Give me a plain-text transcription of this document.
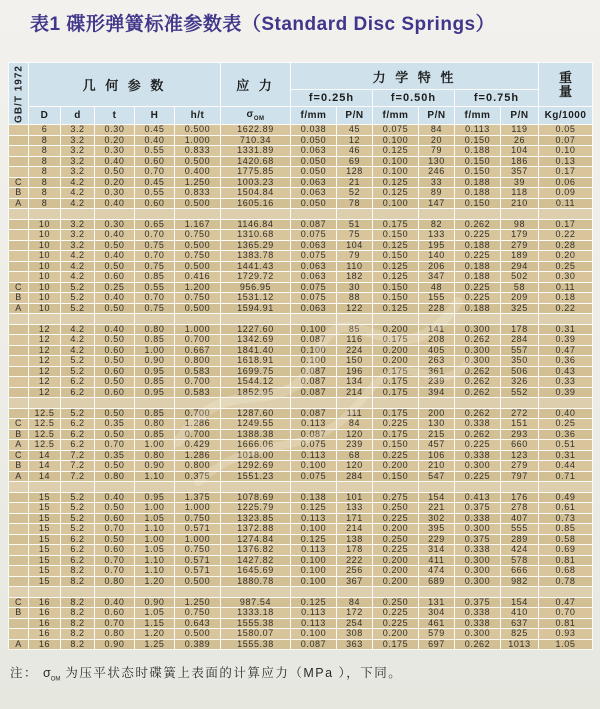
表1 碟形弹簧标准参数表（Standard Disc Springs）
GB/T 1972	几 何 参 数					应 力	力 学 特 性						重
量

							f=0.25h		f=0.50h		f=0.75h		
	D	d	t	H	h/t	$\sigma_{OM}$	f/mm	P/N	f/mm	P/N	f/mm	P/N	Kg/1000
	6	3.2	0.30	0.45	0.500	1622.89	0.038	45	0.075	84	0.113	119	0.05
	8	3.2	0.20	0.40	1.000	710.34	0.050	12	0.100	20	0.150	26	0.07
	8	3.2	0.30	0.55	0.833	1331.89	0.063	46	0.125	79	0.188	104	0.10
	8	3.2	0.40	0.60	0.500	1420.68	0.050	69	0.100	130	0.150	186	0.13
	8	3.2	0.50	0.70	0.400	1775.85	0.050	128	0.100	246	0.150	357	0.17
C	8	4.2	0.20	0.45	1.250	1003.23	0.063	21	0.125	33	0.188	39	0.06
B	8	4.2	0.30	0.55	0.833	1504.84	0.063	52	0.125	89	0.188	118	0.09
A	8	4.2	0.40	0.60	0.500	1605.16	0.050	78	0.100	147	0.150	210	0.11

	10	3.2	0.30	0.65	1.167	1146.84	0.087	51	0.175	82	0.262	98	0.17
	10	3.2	0.40	0.70	0.750	1310.68	0.075	75	0.150	133	0.225	179	0.22
	10	3.2	0.50	0.75	0.500	1365.29	0.063	104	0.125	195	0.188	279	0.28
	10	4.2	0.40	0.70	0.750	1383.78	0.075	79	0.150	140	0.225	189	0.20
	10	4.2	0.50	0.75	0.500	1441.43	0.063	110	0.125	206	0.188	294	0.25
	10	4.2	0.60	0.85	0.416	1729.72	0.063	182	0.125	347	0.188	502	0.30
C	10	5.2	0.25	0.55	1.200	956.95	0.075	30	0.150	48	0.225	58	0.11
B	10	5.2	0.40	0.70	0.750	1531.12	0.075	88	0.150	155	0.225	209	0.18
A	10	5.2	0.50	0.75	0.500	1594.91	0.063	122	0.125	228	0.188	325	0.22

	12	4.2	0.40	0.80	1.000	1227.60	0.100	85	0.200	141	0.300	178	0.31
	12	4.2	0.50	0.85	0.700	1342.69	0.087	116	0.175	208	0.262	284	0.39
	12	4.2	0.60	1.00	0.667	1841.40	0.100	224	0.200	405	0.300	557	0.47
	12	5.2	0.50	0.90	0.800	1618.91	0.100	150	0.200	263	0.300	350	0.36
	12	5.2	0.60	0.95	0.583	1699.75	0.087	196	0.175	361	0.262	506	0.43
	12	6.2	0.50	0.85	0.700	1544.12	0.087	134	0.175	239	0.262	326	0.33
	12	6.2	0.60	0.95	0.583	1852.95	0.087	214	0.175	394	0.262	552	0.39

	12.5	5.2	0.50	0.85	0.700	1287.60	0.087	111	0.175	200	0.262	272	0.40
C	12.5	6.2	0.35	0.80	1.286	1249.55	0.113	84	0.225	130	0.338	151	0.25
B	12.5	6.2	0.50	0.85	0.700	1388.38	0.087	120	0.175	215	0.262	293	0.36
A	12.5	6.2	0.70	1.00	0.429	1666.06	0.075	239	0.150	457	0.225	660	0.51
C	14	7.2	0.35	0.80	1.286	1018.00	0.113	68	0.225	106	0.338	123	0.31
B	14	7.2	0.50	0.90	0.800	1292.69	0.100	120	0.200	210	0.300	279	0.44
A	14	7.2	0.80	1.10	0.375	1551.23	0.075	284	0.150	547	0.225	797	0.71

	15	5.2	0.40	0.95	1.375	1078.69	0.138	101	0.275	154	0.413	176	0.49
	15	5.2	0.50	1.00	1.000	1225.79	0.125	133	0.250	221	0.375	278	0.61
	15	5.2	0.60	1.05	0.750	1323.85	0.113	171	0.225	302	0.338	407	0.73
	15	5.2	0.70	1.10	0.571	1372.88	0.100	214	0.200	395	0.300	555	0.85
	15	6.2	0.50	1.00	1.000	1274.84	0.125	138	0.250	229	0.375	289	0.58
	15	6.2	0.60	1.05	0.750	1376.82	0.113	178	0.225	314	0.338	424	0.69
	15	6.2	0.70	1.10	0.571	1427.82	0.100	222	0.200	411	0.300	578	0.81
	15	8.2	0.70	1.10	0.571	1645.69	0.100	256	0.200	474	0.300	666	0.68
	15	8.2	0.80	1.20	0.500	1880.78	0.100	367	0.200	689	0.300	982	0.78

C	16	8.2	0.40	0.90	1.250	987.54	0.125	84	0.250	131	0.375	154	0.47
B	16	8.2	0.60	1.05	0.750	1333.18	0.113	172	0.225	304	0.338	410	0.70
	16	8.2	0.70	1.15	0.643	1555.38	0.113	254	0.225	461	0.338	637	0.81
	16	8.2	0.80	1.20	0.500	1580.07	0.100	308	0.200	579	0.300	825	0.93
A	16	8.2	0.90	1.25	0.389	1555.38	0.087	363	0.175	697	0.262	1013	1.05
注： $\sigma_{OM}$ 为压平状态时碟簧上表面的计算应力（MPa ），下同。
